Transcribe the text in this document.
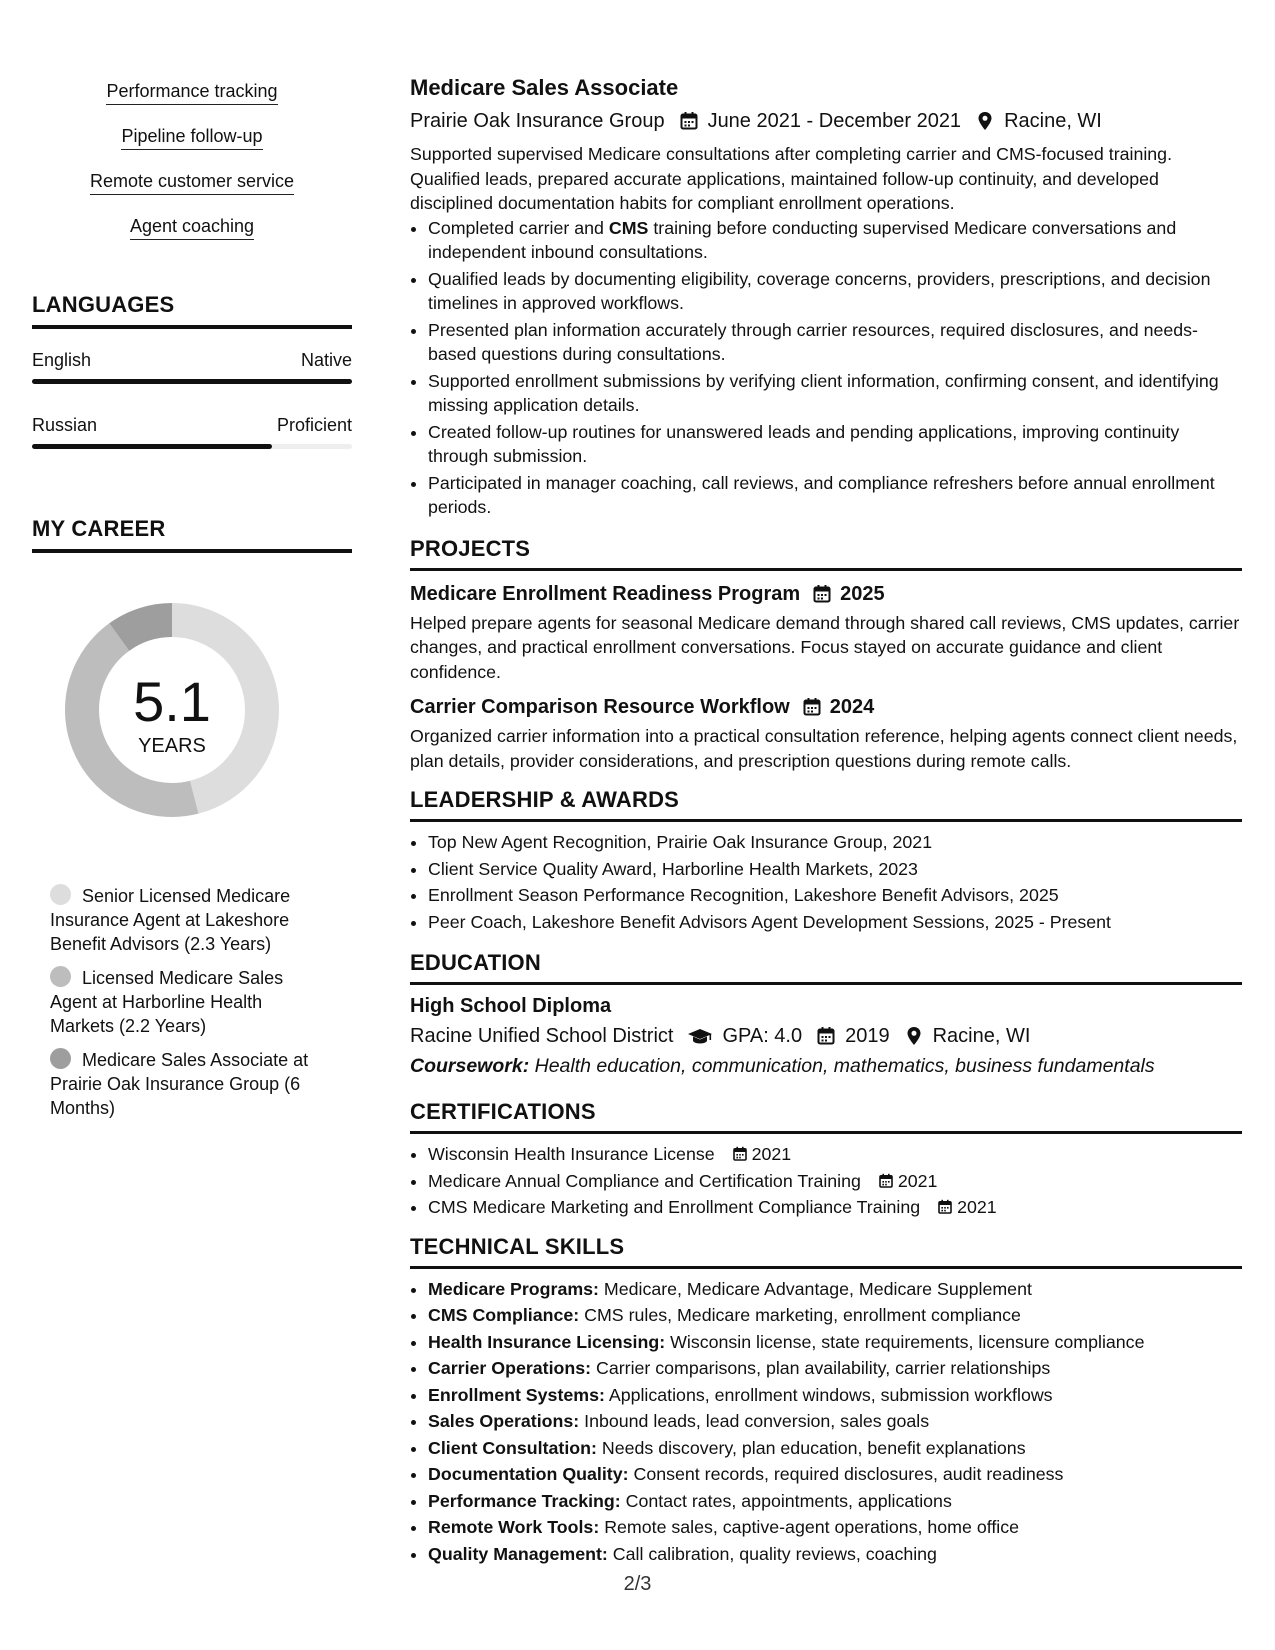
Performance tracking
Pipeline follow-up
Remote customer service
Agent coaching
LANGUAGES
English	Native
Russian	Proficient
MY CAREER
5.1
YEARS
Senior Licensed Medicare Insurance Agent at Lakeshore Benefit Advisors (2.3 Years)
Licensed Medicare Sales Agent at Harborline Health Markets (2.2 Years)
Medicare Sales Associate at Prairie Oak Insurance Group (6 Months)
Medicare Sales Associate
Prairie Oak Insurance Group June 2021 - December 2021 Racine, WI

Supported supervised Medicare consultations after completing carrier and CMS-focused training. Qualified leads, prepared accurate applications, maintained follow-up continuity, and developed disciplined documentation habits for compliant enrollment operations.

• Completed carrier and CMS training before conducting supervised Medicare conversations and independent inbound consultations.
• Qualified leads by documenting eligibility, coverage concerns, providers, prescriptions, and decision timelines in approved workflows.
• Presented plan information accurately through carrier resources, required disclosures, and needs-based questions during consultations.
• Supported enrollment submissions by verifying client information, confirming consent, and identifying missing application details.
• Created follow-up routines for unanswered leads and pending applications, improving continuity through submission.
• Participated in manager coaching, call reviews, and compliance refreshers before annual enrollment periods.
PROJECTS
Medicare Enrollment Readiness Program 2025

Helped prepare agents for seasonal Medicare demand through shared call reviews, CMS updates, carrier changes, and practical enrollment conversations. Focus stayed on accurate guidance and client confidence.

Carrier Comparison Resource Workflow 2024

Organized carrier information into a practical consultation reference, helping agents connect client needs, plan details, provider considerations, and prescription questions during remote calls.

LEADERSHIP & AWARDS
• Top New Agent Recognition, Prairie Oak Insurance Group, 2021
• Client Service Quality Award, Harborline Health Markets, 2023
• Enrollment Season Performance Recognition, Lakeshore Benefit Advisors, 2025
• Peer Coach, Lakeshore Benefit Advisors Agent Development Sessions, 2025 - Present
EDUCATION
High School Diploma
Racine Unified School District GPA: 4.0 2019 Racine, WI
Coursework: Health education, communication, mathematics, business fundamentals
CERTIFICATIONS
• Wisconsin Health Insurance License 2021
• Medicare Annual Compliance and Certification Training 2021
• CMS Medicare Marketing and Enrollment Compliance Training 2021
TECHNICAL SKILLS
• Medicare Programs: Medicare, Medicare Advantage, Medicare Supplement
• CMS Compliance: CMS rules, Medicare marketing, enrollment compliance
• Health Insurance Licensing: Wisconsin license, state requirements, licensure compliance
• Carrier Operations: Carrier comparisons, plan availability, carrier relationships
• Enrollment Systems: Applications, enrollment windows, submission workflows
• Sales Operations: Inbound leads, lead conversion, sales goals
• Client Consultation: Needs discovery, plan education, benefit explanations
• Documentation Quality: Consent records, required disclosures, audit readiness
• Performance Tracking: Contact rates, appointments, applications
• Remote Work Tools: Remote sales, captive-agent operations, home office
• Quality Management: Call calibration, quality reviews, coaching
2/3
